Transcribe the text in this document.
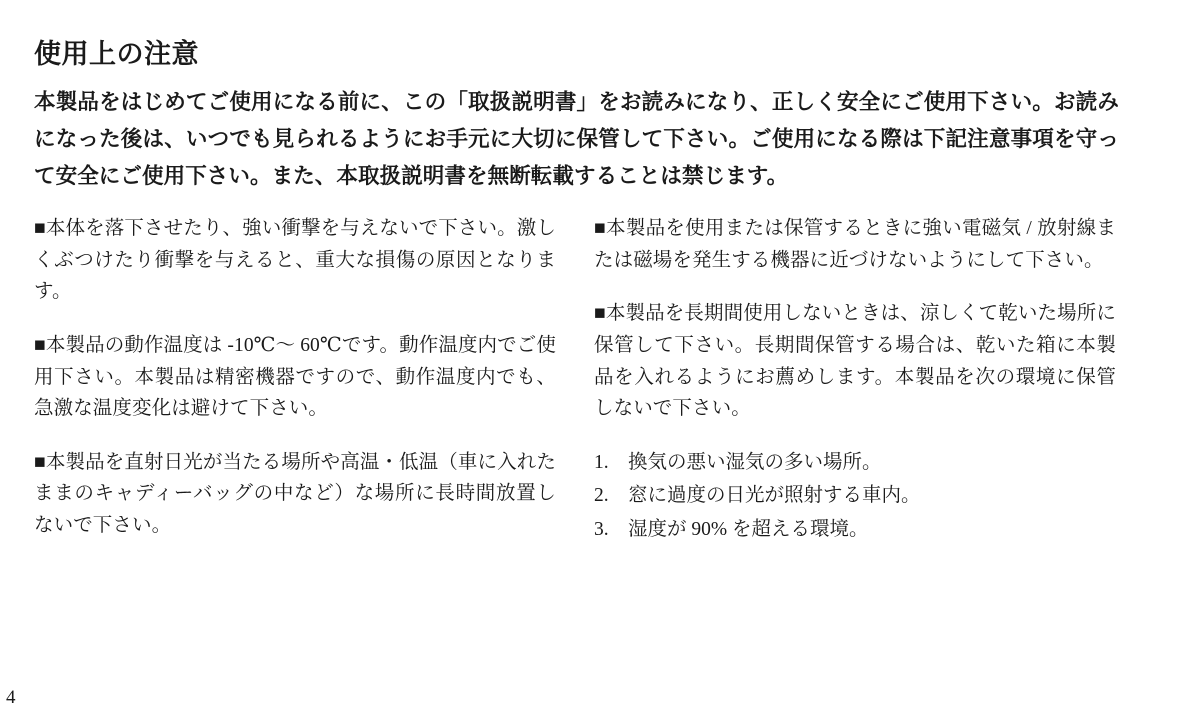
使用上の注意

本製品をはじめてご使用になる前に、この「取扱説明書」をお読みになり、正しく安全にご使用下さい。お読みになった後は、いつでも見られるようにお手元に大切に保管して下さい。ご使用になる際は下記注意事項を守って安全にご使用下さい。また、本取扱説明書を無断転載することは禁じます。

■本体を落下させたり、強い衝撃を与えないで下さい。激しくぶつけたり衝撃を与えると、重大な損傷の原因となります。

■本製品の動作温度は -10℃〜 60℃です。動作温度内でご使用下さい。本製品は精密機器ですので、動作温度内でも、急激な温度変化は避けて下さい。

■本製品を直射日光が当たる場所や高温・低温（車に入れたままのキャディーバッグの中など）な場所に長時間放置しないで下さい。

■本製品を使用または保管するときに強い電磁気 / 放射線または磁場を発生する機器に近づけないようにして下さい。

■本製品を長期間使用しないときは、涼しくて乾いた場所に保管して下さい。長期間保管する場合は、乾いた箱に本製品を入れるようにお薦めします。本製品を次の環境に保管しないで下さい。

1. 換気の悪い湿気の多い場所。
2. 窓に過度の日光が照射する車内。
3. 湿度が 90% を超える環境。
4
